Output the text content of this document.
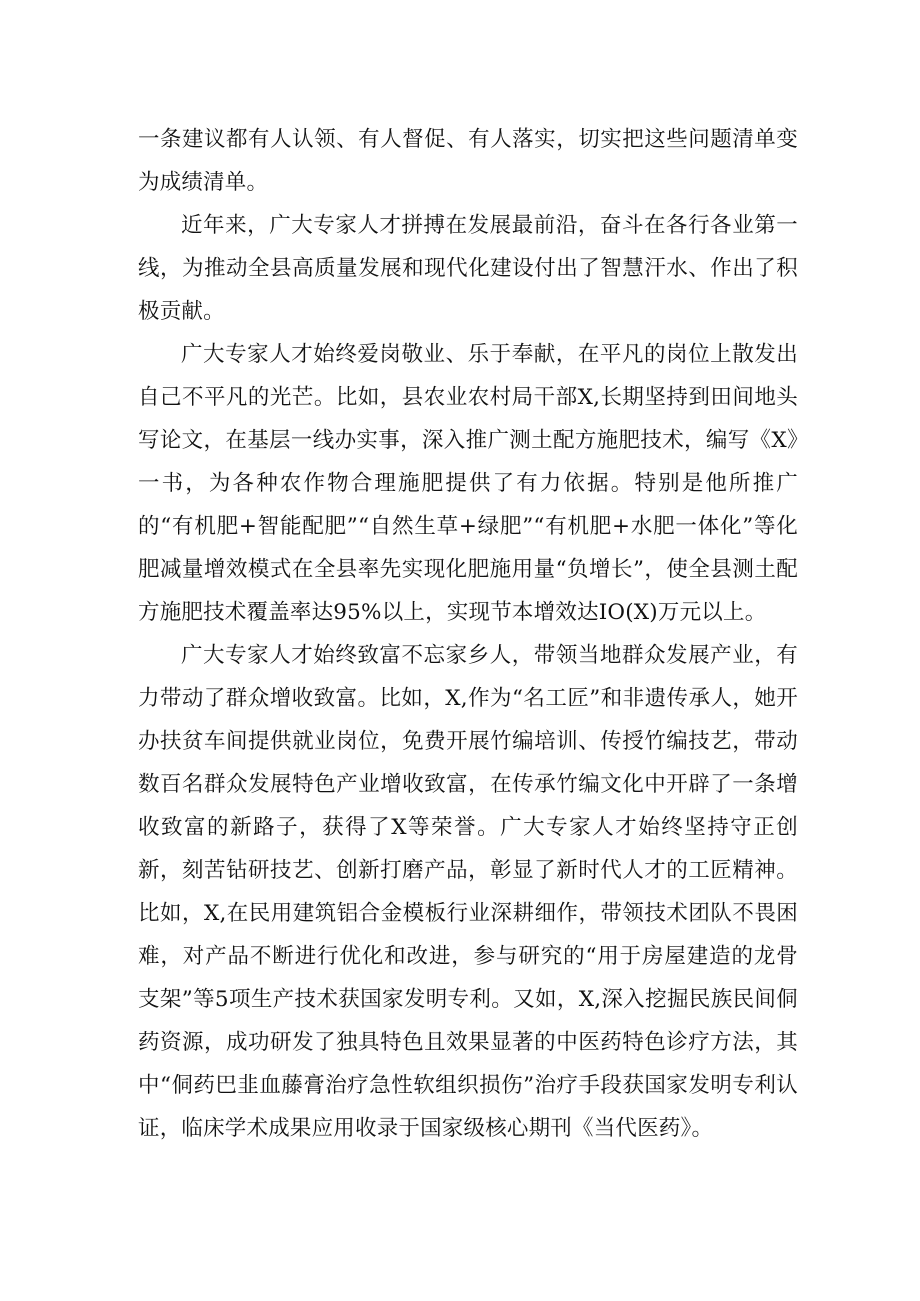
一条建议都有人认领、有人督促、有人落实，切实把这些问题清单变为成绩清单。

近年来，广大专家人才拼搏在发展最前沿，奋斗在各行各业第一线，为推动全县高质量发展和现代化建设付出了智慧汗水、作出了积极贡献。

广大专家人才始终爱岗敬业、乐于奉献，在平凡的岗位上散发出自己不平凡的光芒。比如，县农业农村局干部X,长期坚持到田间地头写论文，在基层一线办实事，深入推广测土配方施肥技术，编写《X》一书，为各种农作物合理施肥提供了有力依据。特别是他所推广的“有机肥+智能配肥”“自然生草+绿肥”“有机肥+水肥一体化”等化肥减量增效模式在全县率先实现化肥施用量“负增长”，使全县测土配方施肥技术覆盖率达95%以上，实现节本增效达IO(X)万元以上。

广大专家人才始终致富不忘家乡人，带领当地群众发展产业，有力带动了群众增收致富。比如，X,作为“名工匠”和非遗传承人，她开办扶贫车间提供就业岗位，免费开展竹编培训、传授竹编技艺，带动数百名群众发展特色产业增收致富，在传承竹编文化中开辟了一条增收致富的新路子，获得了X等荣誉。广大专家人才始终坚持守正创新，刻苦钻研技艺、创新打磨产品，彰显了新时代人才的工匠精神。比如，X,在民用建筑铝合金模板行业深耕细作，带领技术团队不畏困难，对产品不断进行优化和改进，参与研究的“用于房屋建造的龙骨支架”等5项生产技术获国家发明专利。又如，X,深入挖掘民族民间侗药资源，成功研发了独具特色且效果显著的中医药特色诊疗方法，其中“侗药巴韭血藤膏治疗急性软组织损伤”治疗手段获国家发明专利认证，临床学术成果应用收录于国家级核心期刊《当代医药》。
